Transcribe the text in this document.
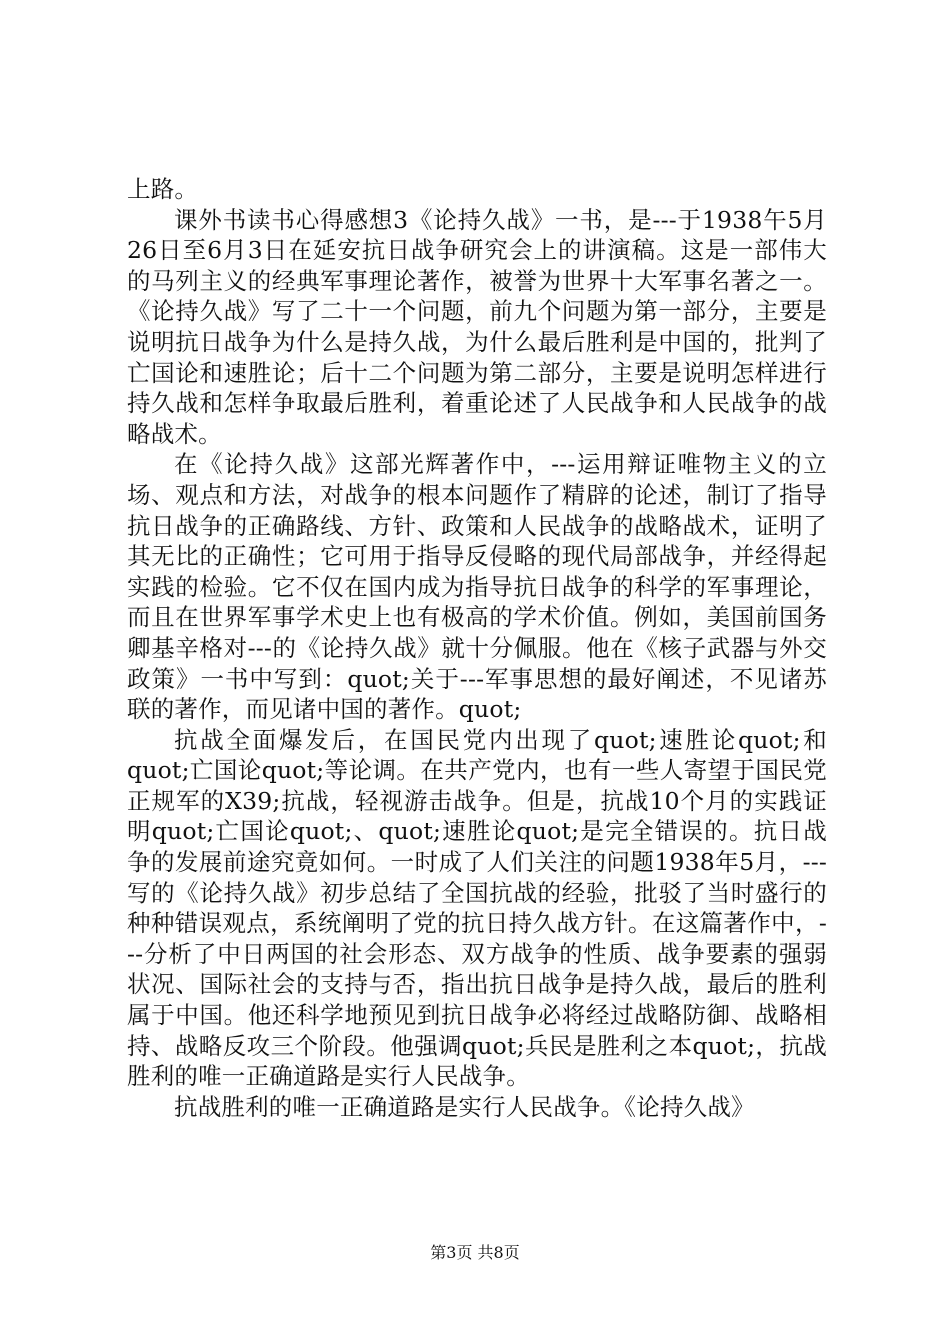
上路。

课外书读书心得感想3《论持久战》一书，是---于1938午5月26日至6月3日在延安抗日战争研究会上的讲演稿。这是一部伟大的马列主义的经典军事理论著作，被誉为世界十大军事名著之一。《论持久战》写了二十一个问题，前九个问题为第一部分，主要是说明抗日战争为什么是持久战，为什么最后胜利是中国的，批判了亡国论和速胜论；后十二个问题为第二部分，主要是说明怎样进行持久战和怎样争取最后胜利，着重论述了人民战争和人民战争的战略战术。

在《论持久战》这部光辉著作中，---运用辩证唯物主义的立场、观点和方法，对战争的根本问题作了精辟的论述，制订了指导抗日战争的正确路线、方针、政策和人民战争的战略战术，证明了其无比的正确性；它可用于指导反侵略的现代局部战争，并经得起实践的检验。它不仅在国内成为指导抗日战争的科学的军事理论，而且在世界军事学术史上也有极高的学术价值。例如，美国前国务卿基辛格对---的《论持久战》就十分佩服。他在《核子武器与外交政策》一书中写到：quot;关于---军事思想的最好阐述，不见诸苏联的著作，而见诸中国的著作。quot;

抗战全面爆发后，在国民党内出现了quot;速胜论quot;和quot;亡国论quot;等论调。在共产党内，也有一些人寄望于国民党正规军的X39;抗战，轻视游击战争。但是，抗战10个月的实践证明quot;亡国论quot;、quot;速胜论quot;是完全错误的。抗日战争的发展前途究竟如何。一时成了人们关注的问题1938年5月，---写的《论持久战》初步总结了全国抗战的经验，批驳了当时盛行的种种错误观点，系统阐明了党的抗日持久战方针。在这篇著作中，---分析了中日两国的社会形态、双方战争的性质、战争要素的强弱状况、国际社会的支持与否，指出抗日战争是持久战，最后的胜利属于中国。他还科学地预见到抗日战争必将经过战略防御、战略相持、战略反攻三个阶段。他强调quot;兵民是胜利之本quot;，抗战胜利的唯一正确道路是实行人民战争。

抗战胜利的唯一正确道路是实行人民战争。《论持久战》

第3页 共8页
